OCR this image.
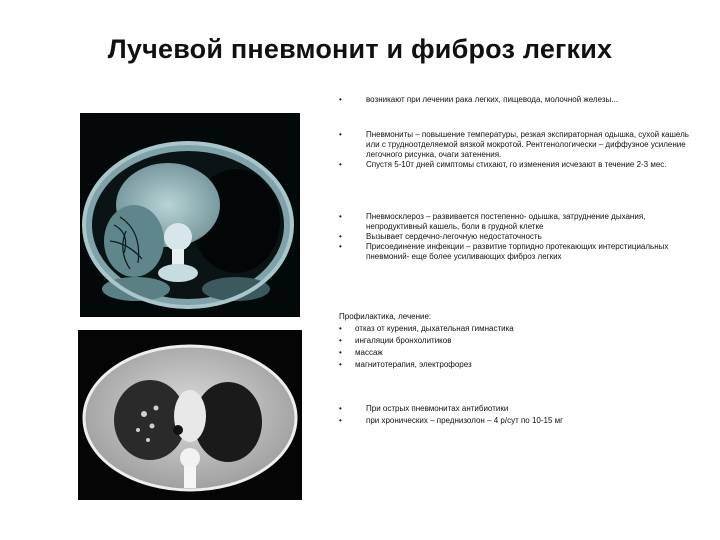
Лучевой пневмонит и фиброз легких
•	возникают при лечении рака легких, пищевода, молочной железы...
•	Пневмониты – повышение температуры, резкая экспираторная одышка, сухой кашель или с трудноотделяемой вязкой мокротой. Рентгенологически – диффузное усиление легочного рисунка, очаги затенения.
•	Спустя 5-10т дней симптомы стихают, го изменения исчезают в течение 2-3 мес.
•	Пневмосклероз – развивается постепенно- одышка, затруднение дыхания, непродуктивный кашель, боли в грудной клетке
•	Вызывает сердечно-легочную недостаточность
•	Присоединение инфекции – развитие торпидно протекающих интерстициальных пневмоний- еще более усиливающих фиброз легких
Профилактика, лечение:
• отказ от курения, дыхательная гимнастика
• ингаляции бронхолитиков
• массаж
• магнитотерапия, электрофорез
•	При острых пневмонитах антибиотики
•	при хронических – преднизолон – 4 р/сут по 10-15 мг
